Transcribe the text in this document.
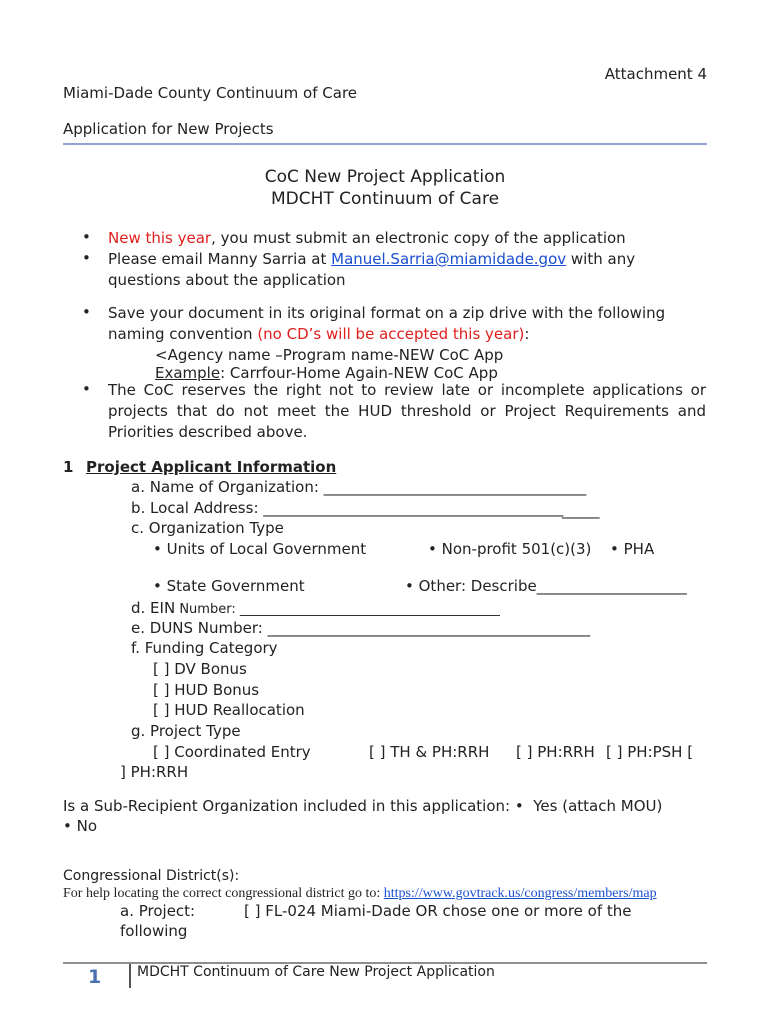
Attachment 4
Miami-Dade County Continuum of Care
Application for New Projects
CoC New Project Application
MDCHT Continuum of Care
• New this year, you must submit an electronic copy of the application
• Please email Manny Sarria at Manuel.Sarria@miamidade.gov with any questions about the application
• Save your document in its original format on a zip drive with the following naming convention (no CD’s will be accepted this year):
<Agency name –Program name-NEW CoC App
Example: Carrfour-Home Again-NEW CoC App
• The CoC reserves the right not to review late or incomplete applications or projects that do not meet the HUD threshold or Project Requirements and Priorities described above.
1 Project Applicant Information
a. Name of Organization: ___________________________________
b. Local Address: ________________________________________
_____
c. Organization Type
• Units of Local Government	• Non-profit 501(c)(3) • PHA
• State Government	• Other: Describe____________________
d. EIN Number: ________________________________________
e. DUNS Number: ___________________________________________
f. Funding Category
[ ] DV Bonus
[ ] HUD Bonus
[ ] HUD Reallocation
g. Project Type
[ ] Coordinated Entry	[ ] TH & PH:RRH [ ] PH:RRH [ ] PH:PSH [
] PH:RRH
Is a Sub-Recipient Organization included in this application: •  Yes (attach MOU)
• No
Congressional District(s):
For help locating the correct congressional district go to: https://www.govtrack.us/congress/members/map
a. Project:	[ ] FL-024 Miami-Dade OR chose one or more of the
following
1	MDCHT Continuum of Care New Project Application
